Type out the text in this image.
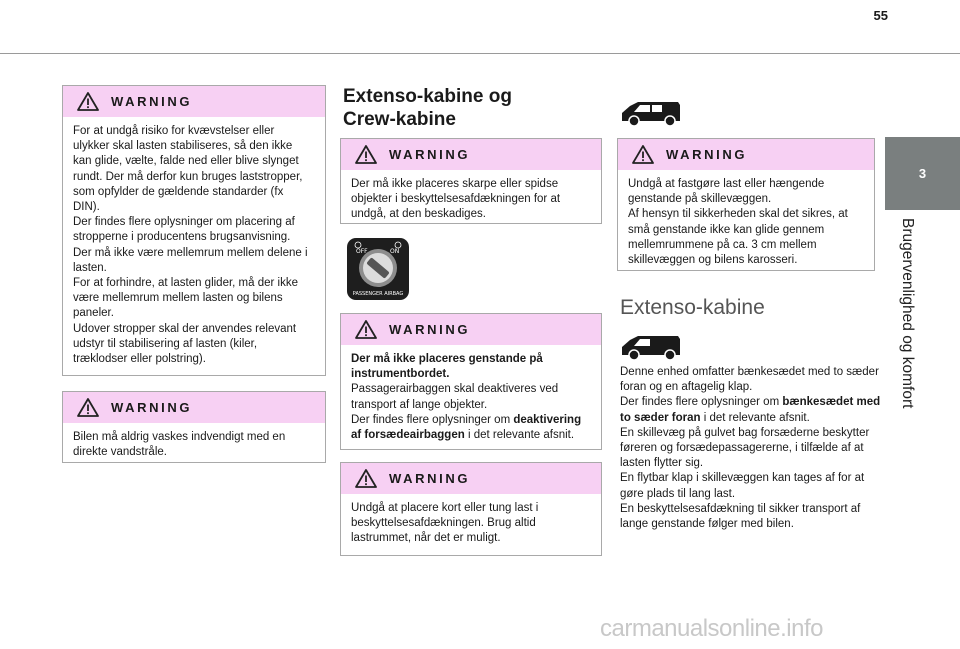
55
3
Brugervenlighed og komfort
WARNING

For at undgå risiko for kvævstelser eller ulykker skal lasten stabiliseres, så den ikke kan glide, vælte, falde ned eller blive slynget rundt. Der må derfor kun bruges laststropper, som opfylder de gældende standarder (fx DIN).
Der findes flere oplysninger om placering af stropperne i producentens brugsanvisning.
Der må ikke være mellemrum mellem delene i lasten.
For at forhindre, at lasten glider, må der ikke være mellemrum mellem lasten og bilens paneler.
Udover stropper skal der anvendes relevant udstyr til stabilisering af lasten (kiler, træklodser eller polstring).

WARNING

Bilen må aldrig vaskes indvendigt med en direkte vandstråle.

Extenso-kabine og
Crew-kabine
WARNING

Der må ikke placeres skarpe eller spidse objekter i beskyttelsesafdækningen for at undgå, at den beskadiges.

OFF	ON
PASSENGER AIRBAG
WARNING

Der må ikke placeres genstande på instrumentbordet.
Passagerairbaggen skal deaktiveres ved transport af lange objekter.
Der findes flere oplysninger om deaktivering af forsædeairbaggen i det relevante afsnit.

WARNING

Undgå at placere kort eller tung last i beskyttelsesafdækningen. Brug altid lastrummet, når det er muligt.

WARNING

Undgå at fastgøre last eller hængende genstande på skillevæggen.
Af hensyn til sikkerheden skal det sikres, at små genstande ikke kan glide gennem mellemrummene på ca. 3 cm mellem skillevæggen og bilens karosseri.

Extenso-kabine

Denne enhed omfatter bænkesædet med to sæder foran og en aftagelig klap.
Der findes flere oplysninger om bænkesædet med to sæder foran i det relevante afsnit.
En skillevæg på gulvet bag forsæderne beskytter føreren og forsædepassagererne, i tilfælde af at lasten flytter sig.
En flytbar klap i skillevæggen kan tages af for at gøre plads til lang last.
En beskyttelsesafdækning til sikker transport af lange genstande følger med bilen.

carmanualsonline.info
